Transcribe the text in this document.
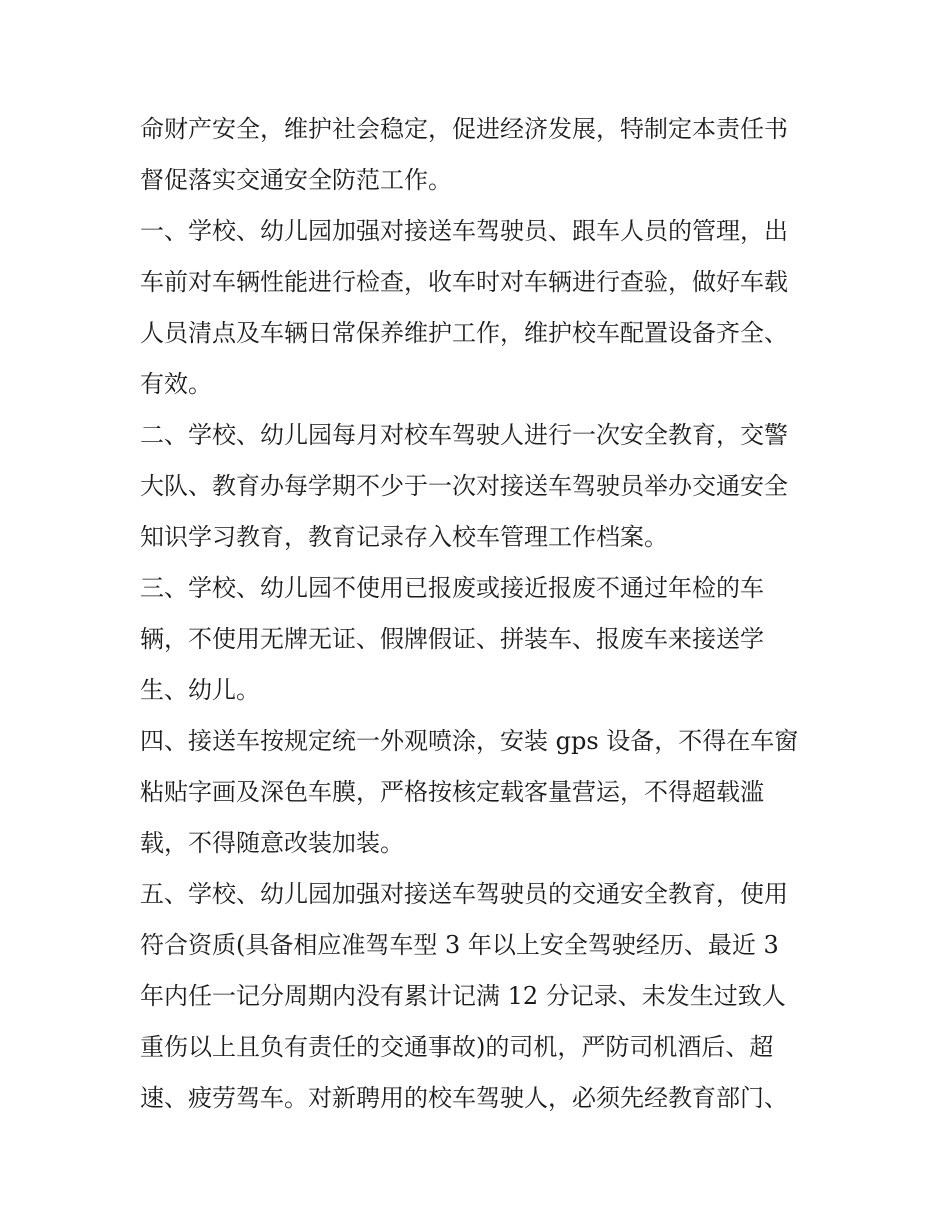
命财产安全，维护社会稳定，促进经济发展，特制定本责任书
督促落实交通安全防范工作。
一、学校、幼儿园加强对接送车驾驶员、跟车人员的管理，出
车前对车辆性能进行检查，收车时对车辆进行查验，做好车载
人员清点及车辆日常保养维护工作，维护校车配置设备齐全、
有效。
二、学校、幼儿园每月对校车驾驶人进行一次安全教育，交警
大队、教育办每学期不少于一次对接送车驾驶员举办交通安全
知识学习教育，教育记录存入校车管理工作档案。
三、学校、幼儿园不使用已报废或接近报废不通过年检的车
辆，不使用无牌无证、假牌假证、拼装车、报废车来接送学
生、幼儿。
四、接送车按规定统一外观喷涂，安装 gps 设备，不得在车窗
粘贴字画及深色车膜，严格按核定载客量营运，不得超载滥
载，不得随意改装加装。
五、学校、幼儿园加强对接送车驾驶员的交通安全教育，使用
符合资质(具备相应准驾车型 3 年以上安全驾驶经历、最近 3
年内任一记分周期内没有累计记满 12 分记录、未发生过致人
重伤以上且负有责任的交通事故)的司机，严防司机酒后、超
速、疲劳驾车。对新聘用的校车驾驶人，必须先经教育部门、
